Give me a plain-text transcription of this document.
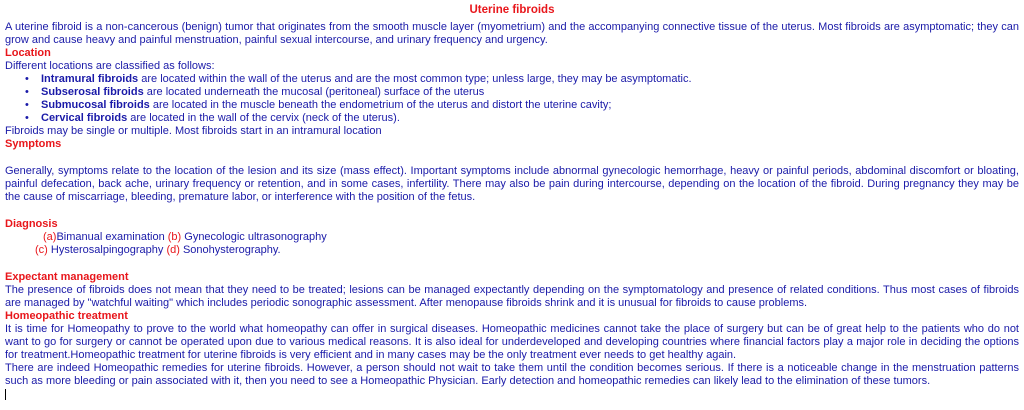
Uterine fibroids

A uterine fibroid is a non-cancerous (benign) tumor that originates from the smooth muscle layer (myometrium) and the accompanying connective tissue of the uterus. Most fibroids are asymptomatic; they can grow and cause heavy and painful menstruation, painful sexual intercourse, and urinary frequency and urgency.

Location

Different locations are classified as follows:

• Intramural fibroids are located within the wall of the uterus and are the most common type; unless large, they may be asymptomatic.
• Subserosal fibroids are located underneath the mucosal (peritoneal) surface of the uterus
• Submucosal fibroids are located in the muscle beneath the endometrium of the uterus and distort the uterine cavity;
• Cervical fibroids are located in the wall of the cervix (neck of the uterus).

Fibroids may be single or multiple. Most fibroids start in an intramural location

Symptoms

Generally, symptoms relate to the location of the lesion and its size (mass effect). Important symptoms include abnormal gynecologic hemorrhage, heavy or painful periods, abdominal discomfort or bloating, painful defecation, back ache, urinary frequency or retention, and in some cases, infertility. There may also be pain during intercourse, depending on the location of the fibroid. During pregnancy they may be the cause of miscarriage, bleeding, premature labor, or interference with the position of the fetus.

Diagnosis
(a)Bimanual examination (b) Gynecologic ultrasonography
(c) Hysterosalpingography (d) Sonohysterography.
Expectant management

The presence of fibroids does not mean that they need to be treated; lesions can be managed expectantly depending on the symptomatology and presence of related conditions. Thus most cases of fibroids are managed by "watchful waiting" which includes periodic sonographic assessment. After menopause fibroids shrink and it is unusual for fibroids to cause problems.

Homeopathic treatment

It is time for Homeopathy to prove to the world what homeopathy can offer in surgical diseases. Homeopathic medicines cannot take the place of surgery but can be of great help to the patients who do not want to go for surgery or cannot be operated upon due to various medical reasons. It is also ideal for underdeveloped and developing countries where financial factors play a major role in deciding the options for treatment.Homeopathic treatment for uterine fibroids is very efficient and in many cases may be the only treatment ever needs to get healthy again.

There are indeed Homeopathic remedies for uterine fibroids. However, a person should not wait to take them until the condition becomes serious. If there is a noticeable change in the menstruation patterns such as more bleeding or pain associated with it, then you need to see a Homeopathic Physician. Early detection and homeopathic remedies can likely lead to the elimination of these tumors.
